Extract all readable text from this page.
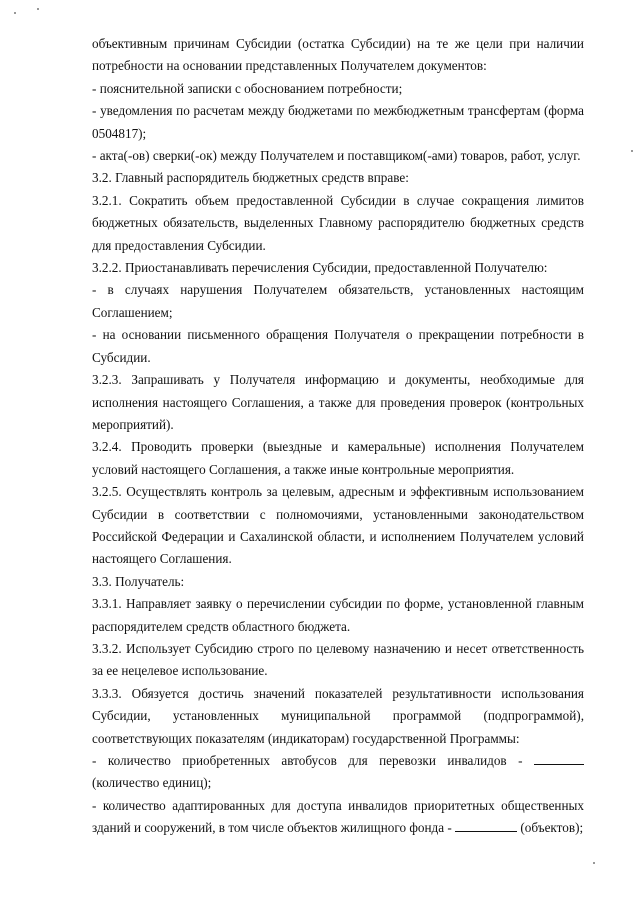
объективным причинам Субсидии (остатка Субсидии) на те же цели при наличии потребности на основании представленных Получателем документов:

- пояснительной записки с обоснованием потребности;

- уведомления по расчетам между бюджетами по межбюджетным трансфертам (форма 0504817);

- акта(-ов) сверки(-ок) между Получателем и поставщиком(-ами) товаров, работ, услуг.

3.2. Главный распорядитель бюджетных средств вправе:

3.2.1. Сократить объем предоставленной Субсидии в случае сокращения лимитов бюджетных обязательств, выделенных Главному распорядителю бюджетных средств для предоставления Субсидии.

3.2.2. Приостанавливать перечисления Субсидии, предоставленной Получателю:

- в случаях нарушения Получателем обязательств, установленных настоящим Соглашением;

- на основании письменного обращения Получателя о прекращении потребности в Субсидии.

3.2.3. Запрашивать у Получателя информацию и документы, необходимые для исполнения настоящего Соглашения, а также для проведения проверок (контрольных мероприятий).

3.2.4. Проводить проверки (выездные и камеральные) исполнения Получателем условий настоящего Соглашения, а также иные контрольные мероприятия.

3.2.5. Осуществлять контроль за целевым, адресным и эффективным использованием Субсидии в соответствии с полномочиями, установленными законодательством Российской Федерации и Сахалинской области, и исполнением Получателем условий настоящего Соглашения.

3.3. Получатель:

3.3.1. Направляет заявку о перечислении субсидии по форме, установленной главным распорядителем средств областного бюджета.

3.3.2. Использует Субсидию строго по целевому назначению и несет ответственность за ее нецелевое использование.

3.3.3. Обязуется достичь значений показателей результативности использования Субсидии, установленных муниципальной программой (подпрограммой), соответствующих показателям (индикаторам) государственной Программы:

- количество приобретенных автобусов для перевозки инвалидов -  (количество единиц);

- количество адаптированных для доступа инвалидов приоритетных общественных зданий и сооружений, в том числе объектов жилищного фонда -	(объектов);
